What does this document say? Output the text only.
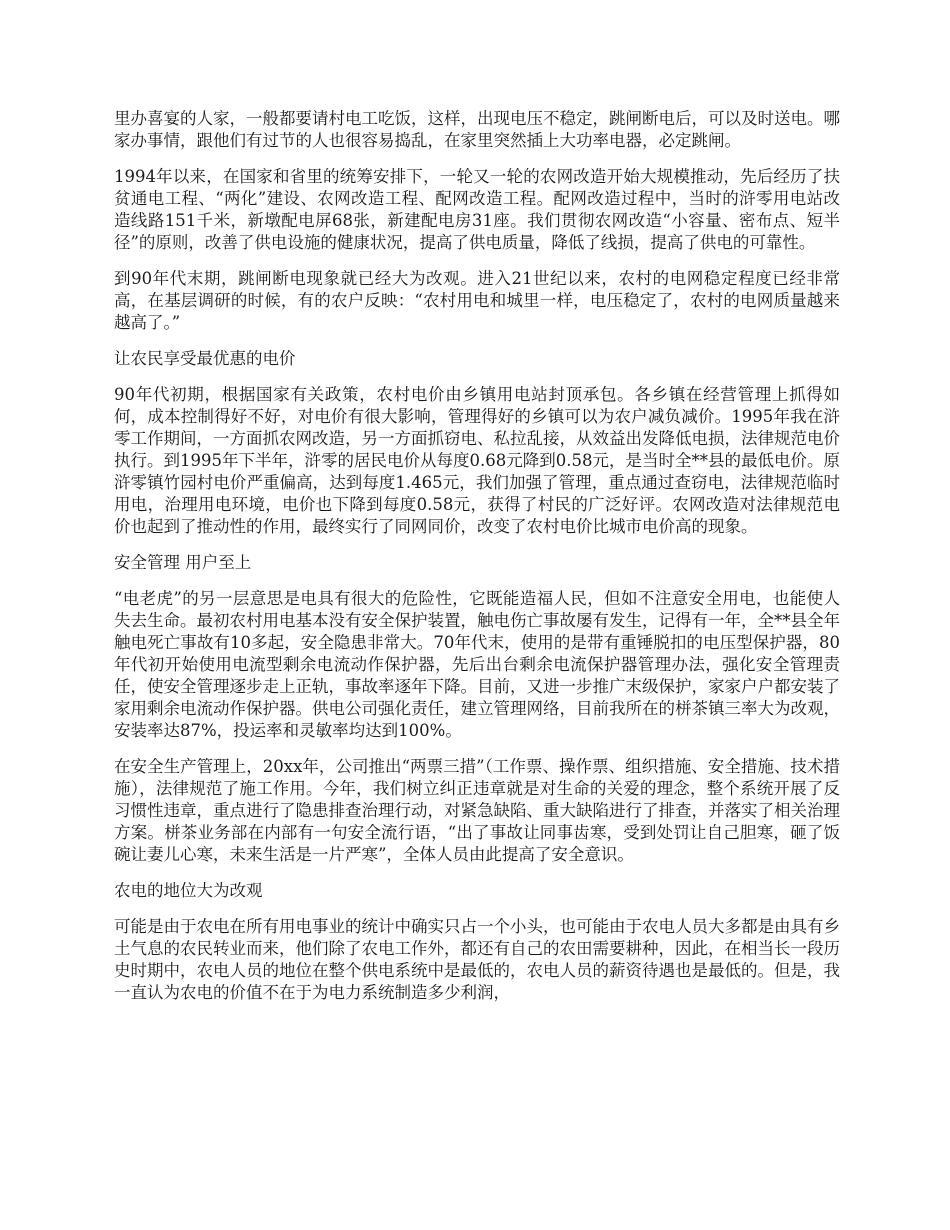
里办喜宴的人家，一般都要请村电工吃饭，这样，出现电压不稳定，跳闸断电后，可以及时送电。哪家办事情，跟他们有过节的人也很容易捣乱，在家里突然插上大功率电器，必定跳闸。

1994年以来，在国家和省里的统筹安排下，一轮又一轮的农网改造开始大规模推动，先后经历了扶贫通电工程、“两化”建设、农网改造工程、配网改造工程。配网改造过程中，当时的浒零用电站改造线路151千米，新墩配电屏68张，新建配电房31座。我们贯彻农网改造“小容量、密布点、短半径”的原则，改善了供电设施的健康状况，提高了供电质量，降低了线损，提高了供电的可靠性。

到90年代末期，跳闸断电现象就已经大为改观。进入21世纪以来，农村的电网稳定程度已经非常高，在基层调研的时候，有的农户反映：“农村用电和城里一样，电压稳定了，农村的电网质量越来越高了。”

让农民享受最优惠的电价

90年代初期，根据国家有关政策，农村电价由乡镇用电站封顶承包。各乡镇在经营管理上抓得如何，成本控制得好不好，对电价有很大影响，管理得好的乡镇可以为农户减负减价。1995年我在浒零工作期间，一方面抓农网改造，另一方面抓窃电、私拉乱接，从效益出发降低电损，法律规范电价执行。到1995年下半年，浒零的居民电价从每度0.68元降到0.58元，是当时全**县的最低电价。原浒零镇竹园村电价严重偏高，达到每度1.465元，我们加强了管理，重点通过查窃电，法律规范临时用电，治理用电环境，电价也下降到每度0.58元，获得了村民的广泛好评。农网改造对法律规范电价也起到了推动性的作用，最终实行了同网同价，改变了农村电价比城市电价高的现象。

安全管理 用户至上

“电老虎”的另一层意思是电具有很大的危险性，它既能造福人民，但如不注意安全用电，也能使人失去生命。最初农村用电基本没有安全保护装置，触电伤亡事故屡有发生，记得有一年，全**县全年触电死亡事故有10多起，安全隐患非常大。70年代末，使用的是带有重锤脱扣的电压型保护器，80年代初开始使用电流型剩余电流动作保护器，先后出台剩余电流保护器管理办法，强化安全管理责任，使安全管理逐步走上正轨，事故率逐年下降。目前，又进一步推广末级保护，家家户户都安装了家用剩余电流动作保护器。供电公司强化责任，建立管理网络，目前我所在的栟茶镇三率大为改观，安装率达87%，投运率和灵敏率均达到100%。

在安全生产管理上，20xx年，公司推出“两票三措”（工作票、操作票、组织措施、安全措施、技术措施），法律规范了施工作用。今年，我们树立纠正违章就是对生命的关爱的理念，整个系统开展了反习惯性违章，重点进行了隐患排查治理行动，对紧急缺陷、重大缺陷进行了排查，并落实了相关治理方案。栟茶业务部在内部有一句安全流行语，“出了事故让同事齿寒，受到处罚让自己胆寒，砸了饭碗让妻儿心寒，未来生活是一片严寒”，全体人员由此提高了安全意识。

农电的地位大为改观

可能是由于农电在所有用电事业的统计中确实只占一个小头，也可能由于农电人员大多都是由具有乡土气息的农民转业而来，他们除了农电工作外，都还有自己的农田需要耕种，因此，在相当长一段历史时期中，农电人员的地位在整个供电系统中是最低的，农电人员的薪资待遇也是最低的。但是，我一直认为农电的价值不在于为电力系统制造多少利润，
